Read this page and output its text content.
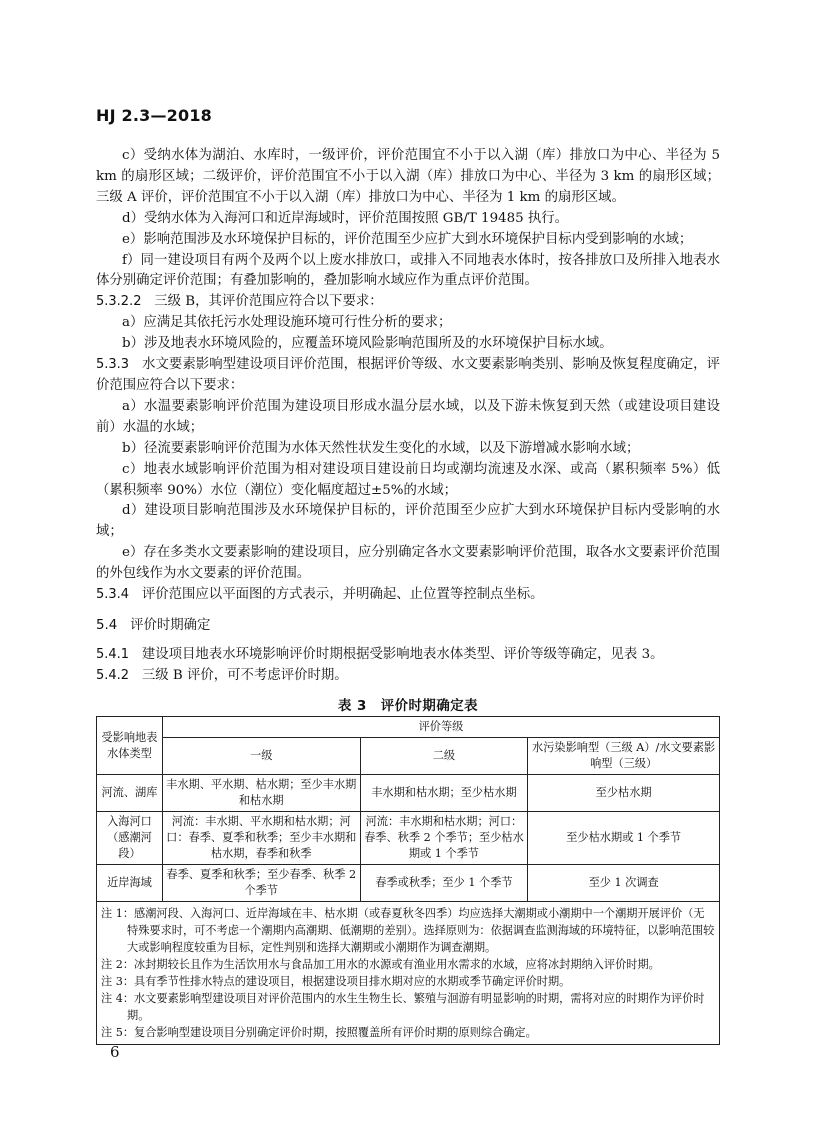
HJ 2.3—2018

c）受纳水体为湖泊、水库时，一级评价，评价范围宜不小于以入湖（库）排放口为中心、半径为 5 km 的扇形区域；二级评价，评价范围宜不小于以入湖（库）排放口为中心、半径为 3 km 的扇形区域；三级 A 评价，评价范围宜不小于以入湖（库）排放口为中心、半径为 1 km 的扇形区域。

d）受纳水体为入海河口和近岸海域时，评价范围按照 GB/T 19485 执行。

e）影响范围涉及水环境保护目标的，评价范围至少应扩大到水环境保护目标内受到影响的水域；

f）同一建设项目有两个及两个以上废水排放口，或排入不同地表水体时，按各排放口及所排入地表水体分别确定评价范围；有叠加影响的，叠加影响水域应作为重点评价范围。

5.3.2.2 三级 B，其评价范围应符合以下要求：

a）应满足其依托污水处理设施环境可行性分析的要求；

b）涉及地表水环境风险的，应覆盖环境风险影响范围所及的水环境保护目标水域。

5.3.3 水文要素影响型建设项目评价范围，根据评价等级、水文要素影响类别、影响及恢复程度确定，评价范围应符合以下要求：

a）水温要素影响评价范围为建设项目形成水温分层水域，以及下游未恢复到天然（或建设项目建设前）水温的水域；

b）径流要素影响评价范围为水体天然性状发生变化的水域，以及下游增减水影响水域；

c）地表水域影响评价范围为相对建设项目建设前日均或潮均流速及水深、或高（累积频率 5%）低（累积频率 90%）水位（潮位）变化幅度超过±5%的水域；

d）建设项目影响范围涉及水环境保护目标的，评价范围至少应扩大到水环境保护目标内受影响的水域；

e）存在多类水文要素影响的建设项目，应分别确定各水文要素影响评价范围，取各水文要素评价范围的外包线作为水文要素的评价范围。

5.3.4 评价范围应以平面图的方式表示，并明确起、止位置等控制点坐标。

5.4 评价时期确定

5.4.1 建设项目地表水环境影响评价时期根据受影响地表水体类型、评价等级等确定，见表 3。

5.4.2 三级 B 评价，可不考虑评价时期。

表 3　评价时期确定表

受影响地表水体类型	评价等级		
	一级	二级	水污染影响型（三级 A）/水文要素影响型（三级）
河流、湖库	丰水期、平水期、枯水期；至少丰水期和枯水期	丰水期和枯水期；至少枯水期	至少枯水期
入海河口（感潮河段）	河流：丰水期、平水期和枯水期；河口：春季、夏季和秋季；至少丰水期和枯水期，春季和秋季	河流：丰水期和枯水期；河口：春季、秋季 2 个季节；至少枯水期或 1 个季节	至少枯水期或 1 个季节
近岸海域	春季、夏季和秋季；至少春季、秋季 2 个季节	春季或秋季；至少 1 个季节	至少 1 次调查

注 1：感潮河段、入海河口、近岸海域在丰、枯水期（或春夏秋冬四季）均应选择大潮期或小潮期中一个潮期开展评价（无特殊要求时，可不考虑一个潮期内高潮期、低潮期的差别）。选择原则为：依据调查监测海域的环境特征，以影响范围较大或影响程度较重为目标，定性判别和选择大潮期或小潮期作为调查潮期。

注 2：冰封期较长且作为生活饮用水与食品加工用水的水源或有渔业用水需求的水域，应将冰封期纳入评价时期。

注 3：具有季节性排水特点的建设项目，根据建设项目排水期对应的水期或季节确定评价时期。

注 4：水文要素影响型建设项目对评价范围内的水生生物生长、繁殖与洄游有明显影响的时期，需将对应的时期作为评价时期。

注 5：复合影响型建设项目分别确定评价时期，按照覆盖所有评价时期的原则综合确定。			

6
